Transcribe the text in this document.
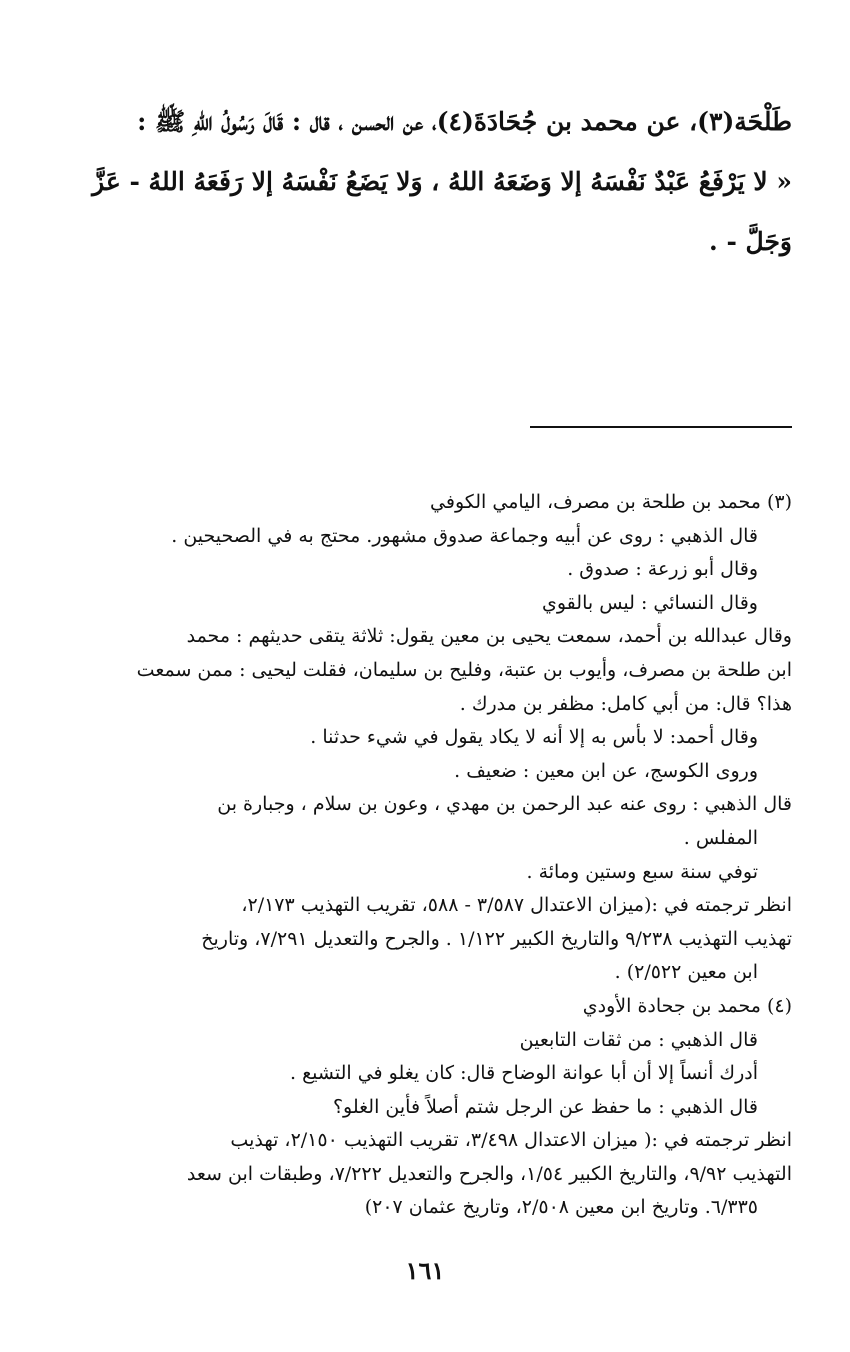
طَلْحَة(٣)، عن محمد بن جُحَادَةَ(٤)، عن الحسن ، قال : قَالَ رَسُولُ اللهِ ﷺ :
« لا يَرْفَعُ عَبْدٌ نَفْسَهُ إلا وَضَعَهُ اللهُ ، وَلا يَضَعُ نَفْسَهُ إلا رَفَعَهُ اللهُ - عَزَّ
وَجَلَّ - .
(٣) محمد بن طلحة بن مصرف، اليامي الكوفي
قال الذهبي : روى عن أبيه وجماعة صدوق مشهور. محتج به في الصحيحين .
وقال أبو زرعة : صدوق .
وقال النسائي : ليس بالقوي
وقال عبدالله بن أحمد، سمعت يحيى بن معين يقول: ثلاثة يتقى حديثهم : محمد
ابن طلحة بن مصرف، وأيوب بن عتبة، وفليح بن سليمان، فقلت ليحيى : ممن سمعت
هذا؟ قال: من أبي كامل: مظفر بن مدرك .
وقال أحمد: لا بأس به إلا أنه لا يكاد يقول في شيء حدثنا .
وروى الكوسج، عن ابن معين : ضعيف .
قال الذهبي : روى عنه عبد الرحمن بن مهدي ، وعون بن سلام ، وجبارة بن
المفلس .
توفي سنة سبع وستين ومائة .
انظر ترجمته في :(ميزان الاعتدال ٣/٥٨٧ - ٥٨٨، تقريب التهذيب ٢/١٧٣،
تهذيب التهذيب ٩/٢٣٨ والتاريخ الكبير ١/١٢٢ . والجرح والتعديل ٧/٢٩١، وتاريخ
ابن معين ٢/٥٢٢) .
(٤) محمد بن جحادة الأودي
قال الذهبي : من ثقات التابعين
أدرك أنساً إلا أن أبا عوانة الوضاح قال: كان يغلو في التشيع .
قال الذهبي : ما حفظ عن الرجل شتم أصلاً فأين الغلو؟
انظر ترجمته في :( ميزان الاعتدال ٣/٤٩٨، تقريب التهذيب ٢/١٥٠، تهذيب
التهذيب ٩/٩٢، والتاريخ الكبير ١/٥٤، والجرح والتعديل ٧/٢٢٢، وطبقات ابن سعد
٦/٣٣٥. وتاريخ ابن معين ٢/٥٠٨، وتاريخ عثمان ٢٠٧)
١٦١
